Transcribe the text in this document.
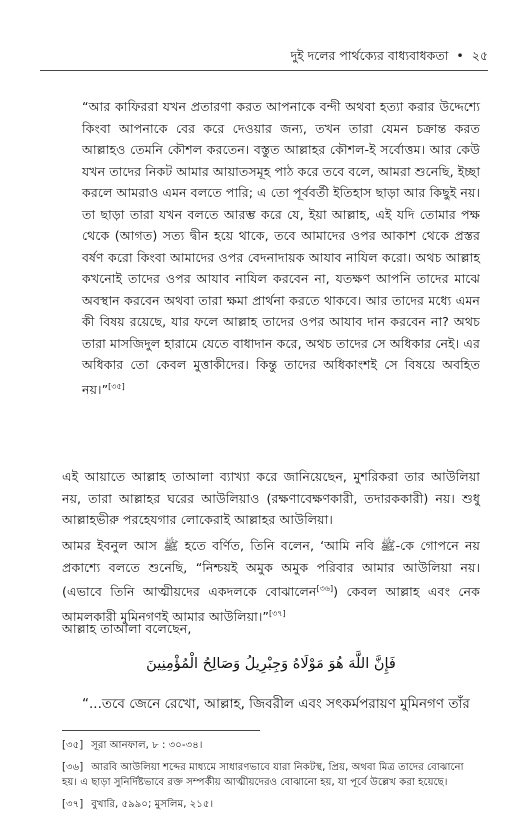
দুই দলের পার্থক্যের বাধ্যবাধকতা • ২৫
“আর কাফিররা যখন প্রতারণা করত আপনাকে বন্দী অথবা হত্যা করার উদ্দেশ্যে কিংবা আপনাকে বের করে দেওয়ার জন্য, তখন তারা যেমন চক্রান্ত করত আল্লাহও তেমনি কৌশল করতেন। বস্তুত আল্লাহর কৌশল-ই সর্বোত্তম। আর কেউ যখন তাদের নিকট আমার আয়াতসমূহ পাঠ করে তবে বলে, আমরা শুনেছি, ইচ্ছা করলে আমরাও এমন বলতে পারি; এ তো পূর্ববর্তী ইতিহাস ছাড়া আর কিছুই নয়। তা ছাড়া তারা যখন বলতে আরম্ভ করে যে, ইয়া আল্লাহ, এই যদি তোমার পক্ষ থেকে (আগত) সত্য দ্বীন হয়ে থাকে, তবে আমাদের ওপর আকাশ থেকে প্রস্তর বর্ষণ করো কিংবা আমাদের ওপর বেদনাদায়ক আযাব নাযিল করো। অথচ আল্লাহ কখনোই তাদের ওপর আযাব নাযিল করবেন না, যতক্ষণ আপনি তাদের মাঝে অবস্থান করবেন অথবা তারা ক্ষমা প্রার্থনা করতে থাকবে। আর তাদের মধ্যে এমন কী বিষয় রয়েছে, যার ফলে আল্লাহ তাদের ওপর আযাব দান করবেন না? অথচ তারা মাসজিদুল হারামে যেতে বাধাদান করে, অথচ তাদের সে অধিকার নেই। এর অধিকার তো কেবল মুত্তাকীদের। কিন্তু তাদের অধিকাংশই সে বিষয়ে অবহিত নয়।”[৩৫]
এই আয়াতে আল্লাহ তাআলা ব্যাখ্যা করে জানিয়েছেন, মুশরিকরা তার আউলিয়া নয়, তারা আল্লাহর ঘরের আউলিয়াও (রক্ষণাবেক্ষণকারী, তদারককারী) নয়। শুধু আল্লাহভীরু পরহেযগার লোকেরাই আল্লাহর আউলিয়া।
আমর ইবনুল আস ﷺ হতে বর্ণিত, তিনি বলেন, ‘আমি নবি ﷺ-কে গোপনে নয় প্রকাশ্যে বলতে শুনেছি, “নিশ্চয়ই অমুক অমুক পরিবার আমার আউলিয়া নয়। (এভাবে তিনি আত্মীয়দের একদলকে বোঝালেন[৩৬]) কেবল আল্লাহ এবং নেক আমলকারী মুমিনগণই আমার আউলিয়া।”[৩৭]
আল্লাহ তাআলা বলেছেন,
فَإِنَّ اللَّهَ هُوَ مَوْلَاهُ وَجِبْرِيلُ وَصَالِحُ الْمُؤْمِنِينَ
“...তবে জেনে রেখো, আল্লাহ, জিবরীল এবং সৎকর্মপরায়ণ মুমিনগণ তাঁর
[৩৫] সূরা আনফাল, ৮ : ৩০-৩৪।
[৩৬] আরবি আউলিয়া শব্দের মাধ্যমে সাধারণভাবে যারা নিকটস্থ, প্রিয়, অথবা মিত্র তাদের বোঝানো হয়। এ ছাড়া সুনির্দিষ্টভাবে রক্ত সম্পর্কীয় আত্মীয়দেরও বোঝানো হয়, যা পূর্বে উল্লেখ করা হয়েছে।
[৩৭] বুখারি, ৫৯৯০; মুসলিম, ২১৫।
